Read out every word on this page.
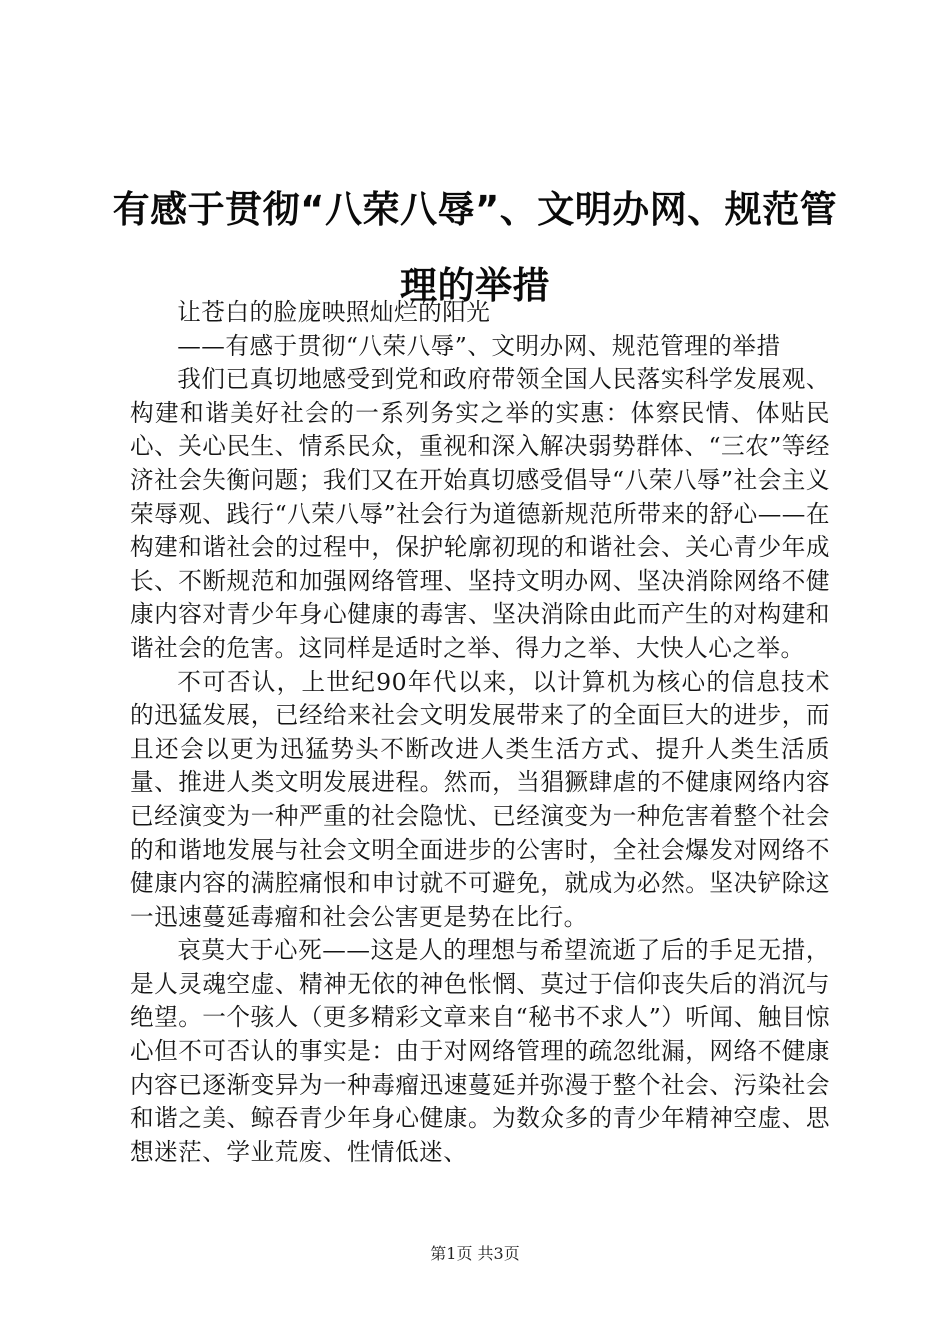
有感于贯彻“八荣八辱”、文明办网、规范管理的举措

让苍白的脸庞映照灿烂的阳光

——有感于贯彻“八荣八辱”、文明办网、规范管理的举措

我们已真切地感受到党和政府带领全国人民落实科学发展观、构建和谐美好社会的一系列务实之举的实惠：体察民情、体贴民心、关心民生、情系民众，重视和深入解决弱势群体、“三农”等经济社会失衡问题；我们又在开始真切感受倡导“八荣八辱”社会主义荣辱观、践行“八荣八辱”社会行为道德新规范所带来的舒心——在构建和谐社会的过程中，保护轮廓初现的和谐社会、关心青少年成长、不断规范和加强网络管理、坚持文明办网、坚决消除网络不健康内容对青少年身心健康的毒害、坚决消除由此而产生的对构建和谐社会的危害。这同样是适时之举、得力之举、大快人心之举。

不可否认，上世纪90年代以来，以计算机为核心的信息技术的迅猛发展，已经给来社会文明发展带来了的全面巨大的进步，而且还会以更为迅猛势头不断改进人类生活方式、提升人类生活质量、推进人类文明发展进程。然而，当猖獗肆虐的不健康网络内容已经演变为一种严重的社会隐忧、已经演变为一种危害着整个社会的和谐地发展与社会文明全面进步的公害时，全社会爆发对网络不健康内容的满腔痛恨和申讨就不可避免，就成为必然。坚决铲除这一迅速蔓延毒瘤和社会公害更是势在比行。

哀莫大于心死——这是人的理想与希望流逝了后的手足无措，是人灵魂空虚、精神无依的神色怅惘、莫过于信仰丧失后的消沉与绝望。一个骇人（更多精彩文章来自“秘书不求人”）听闻、触目惊心但不可否认的事实是：由于对网络管理的疏忽纰漏，网络不健康内容已逐渐变异为一种毒瘤迅速蔓延并弥漫于整个社会、污染社会和谐之美、鲸吞青少年身心健康。为数众多的青少年精神空虚、思想迷茫、学业荒废、性情低迷、

第1页 共3页
